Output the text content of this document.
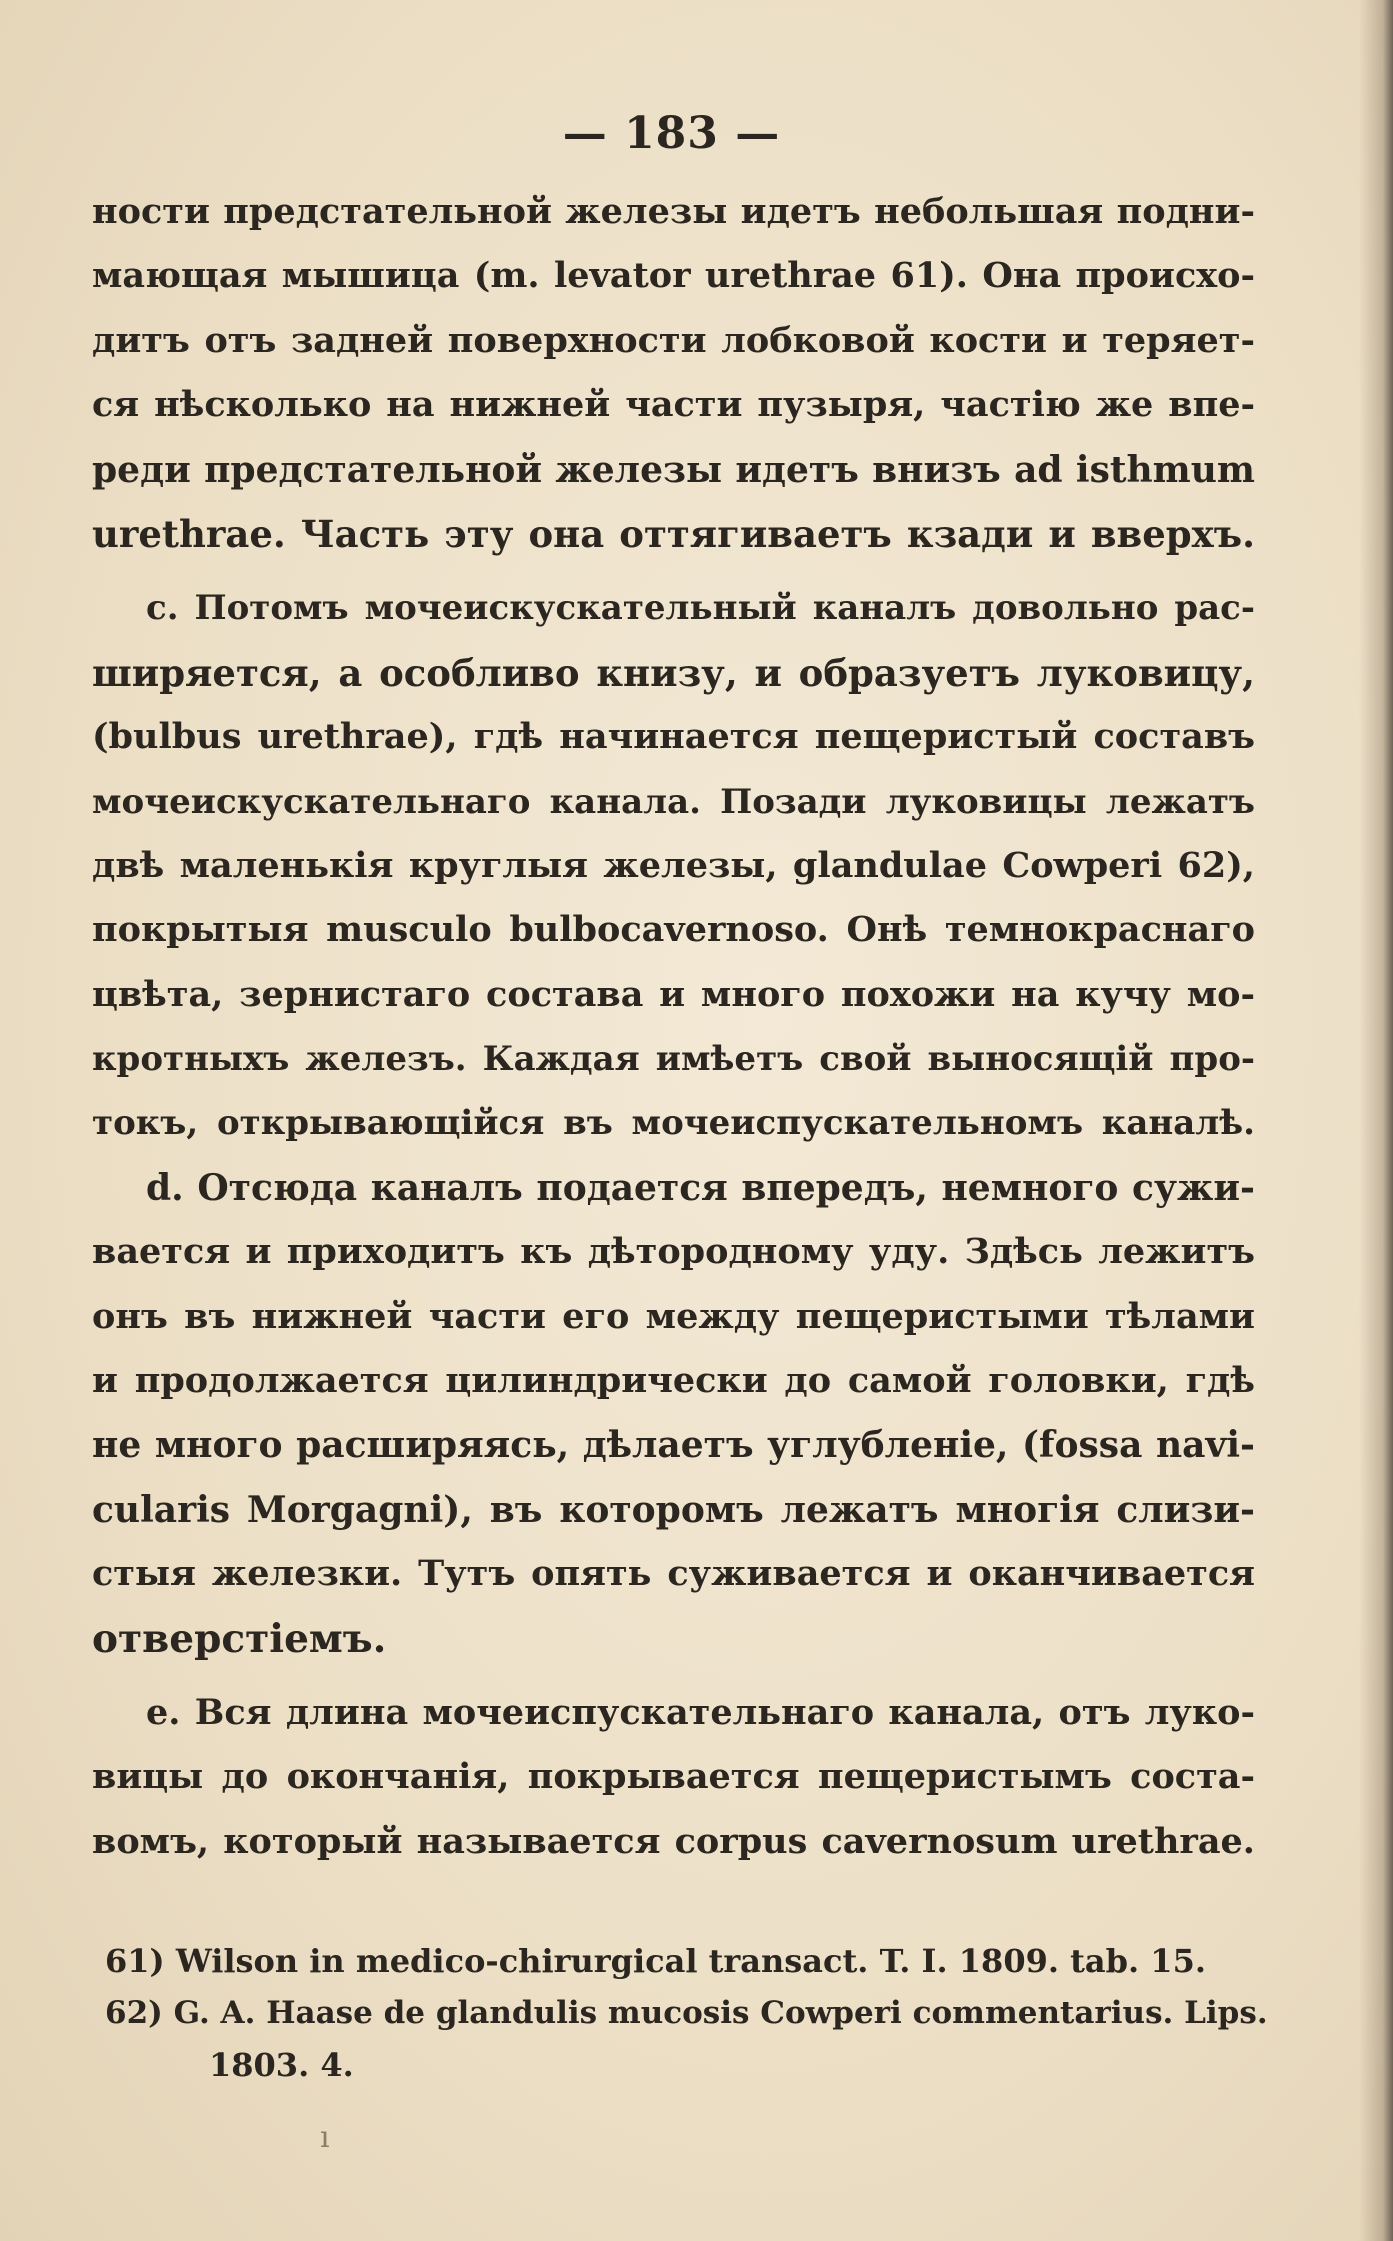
— 183 —
ности предстательной железы идетъ небольшая подни-
мающая мышица (m. levator urethrae 61). Она происхо-
дитъ отъ задней поверхности лобковой кости и теряет-
ся нѣсколько на нижней части пузыря, частію же впе-
реди предстательной железы идетъ внизъ ad isthmum
urethrae. Часть эту она оттягиваетъ кзади и вверхъ.
c. Потомъ мочеискускательный каналъ довольно рас-
ширяется, а особливо книзу, и образуетъ луковицу,
(bulbus urethrae), гдѣ начинается пещеристый составъ
мочеискускательнаго канала. Позади луковицы лежатъ
двѣ маленькія круглыя железы, glandulae Cowperi 62),
покрытыя musculo bulbocavernoso. Онѣ темнокраснаго
цвѣта, зернистаго состава и много похожи на кучу мо-
кротныхъ железъ. Каждая имѣетъ свой выносящій про-
токъ, открывающійся въ мочеиспускательномъ каналѣ.
d. Отсюда каналъ подается впередъ, немного сужи-
вается и приходитъ къ дѣтородному уду. Здѣсь лежитъ
онъ въ нижней части его между пещеристыми тѣлами
и продолжается цилиндрически до самой головки, гдѣ
не много расширяясь, дѣлаетъ углубленіе, (fossa navi-
cularis Morgagni), въ которомъ лежатъ многія слизи-
стыя железки. Тутъ опять суживается и оканчивается
отверстіемъ.
e. Вся длина мочеиспускательнаго канала, отъ луко-
вицы до окончанія, покрывается пещеристымъ соста-
вомъ, который называется corpus cavernosum urethrae.
61) Wilson in medico-chirurgical transact. T. I. 1809. tab. 15.
62) G. A. Haase de glandulis mucosis Cowperi commentarius. Lips.
1803. 4.
ı
